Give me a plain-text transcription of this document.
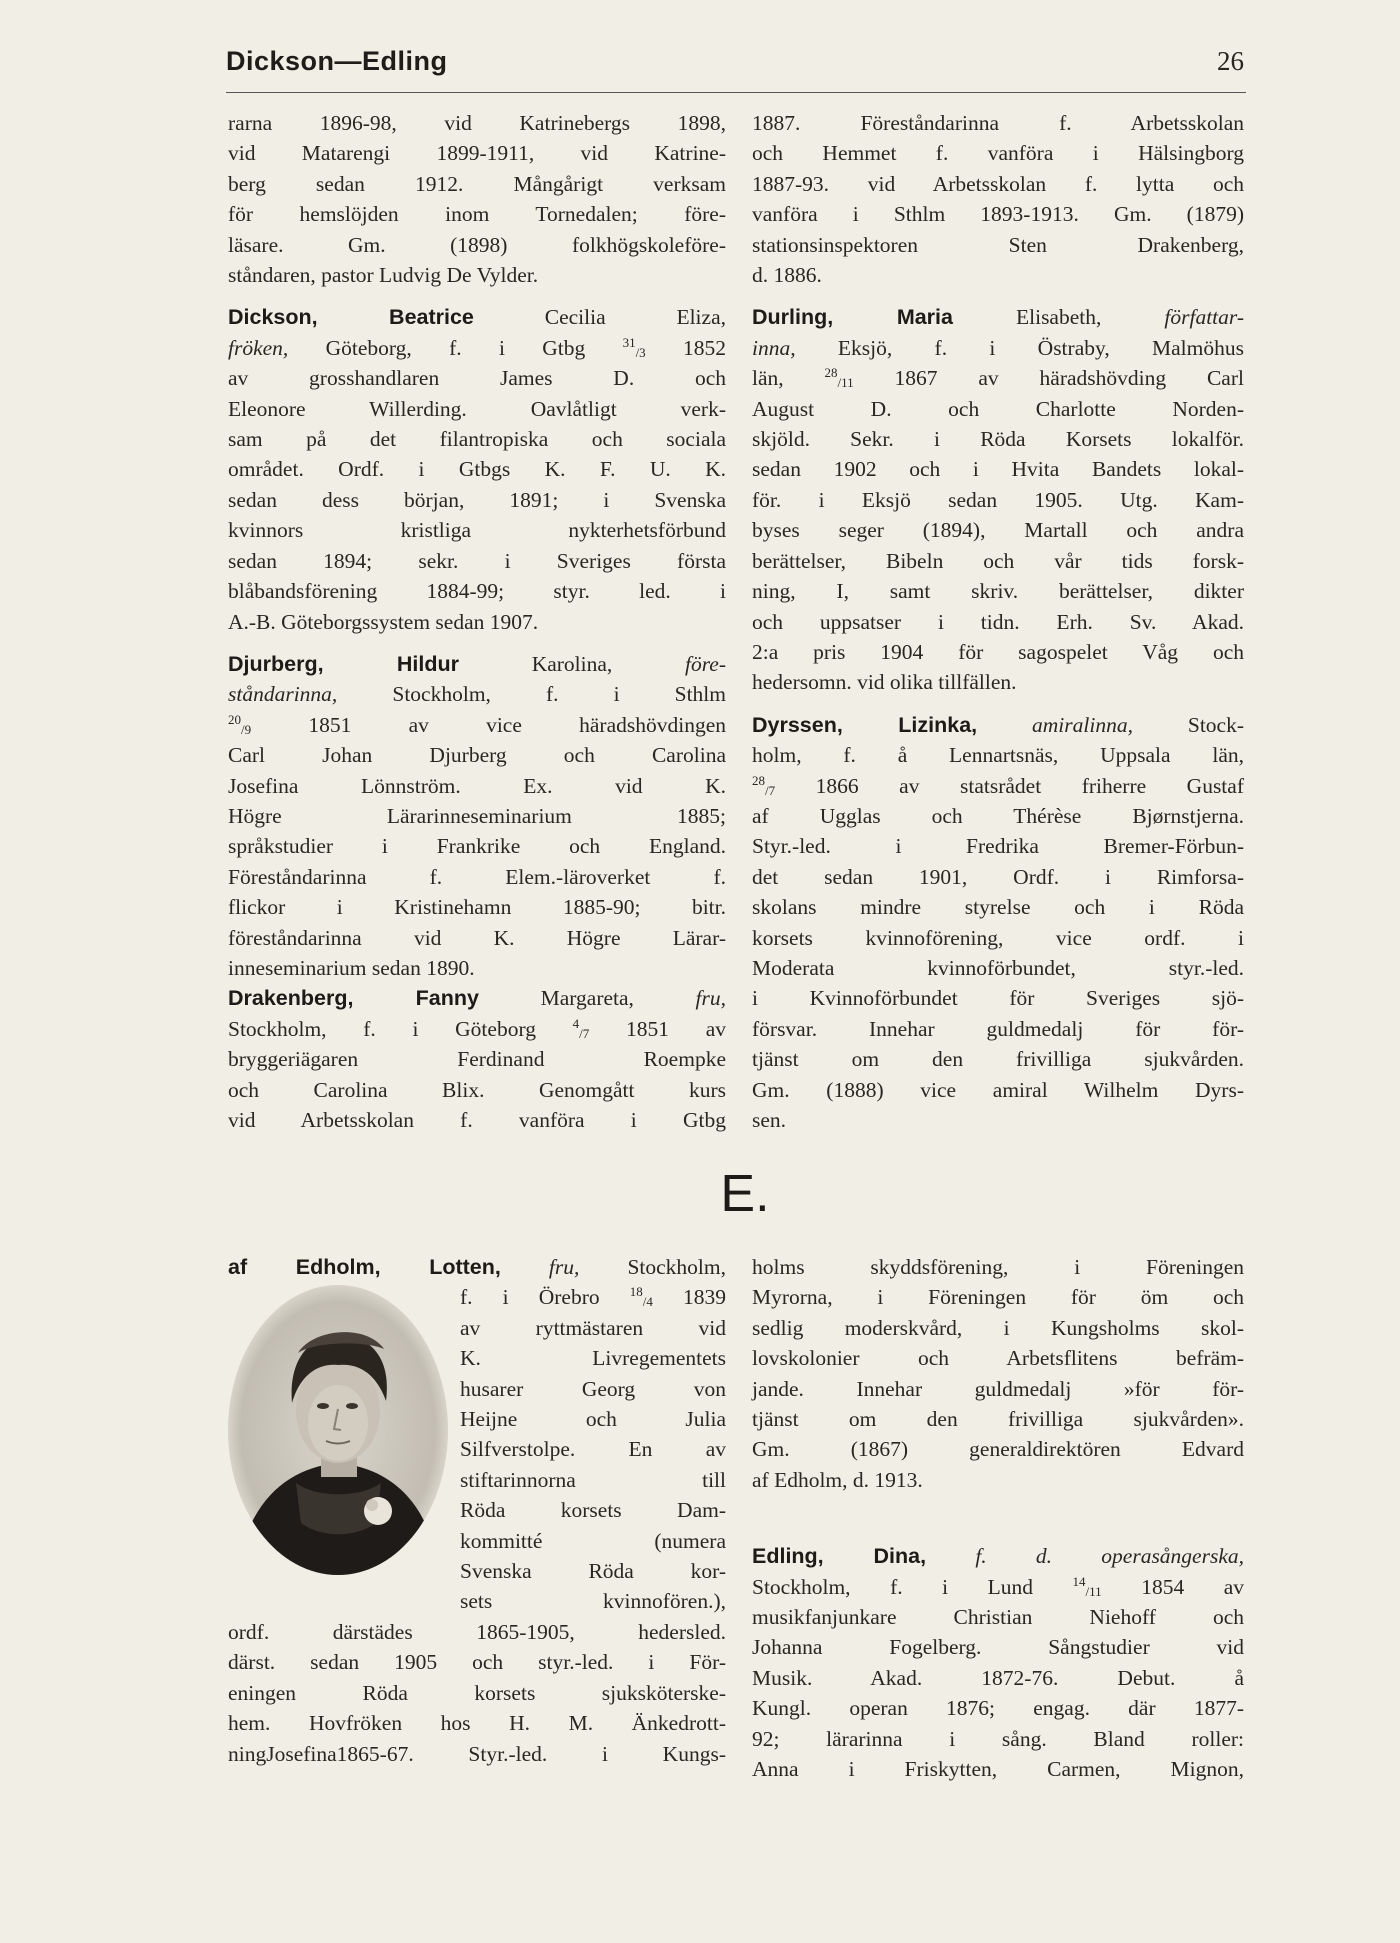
Dickson—Edling	26
rarna 1896-98, vid Katrinebergs 1898,
vid Matarengi 1899-1911, vid Katrine-
berg sedan 1912. Mångårigt verksam
för hemslöjden inom Tornedalen; före-
läsare. Gm. (1898) folkhögskoleföre-
ståndaren, pastor Ludvig De Vylder.
Dickson, Beatrice Cecilia Eliza,
fröken, Göteborg, f. i Gtbg $^{31}_{/3}$ 1852
av grosshandlaren James D. och
Eleonore Willerding. Oavlåtligt verk-
sam på det filantropiska och sociala
området. Ordf. i Gtbgs K. F. U. K.
sedan dess början, 1891; i Svenska
kvinnors kristliga nykterhetsförbund
sedan 1894; sekr. i Sveriges första
blåbandsförening 1884-99; styr. led. i
A.-B. Göteborgssystem sedan 1907.
Djurberg, Hildur Karolina, före-
ståndarinna, Stockholm, f. i Sthlm
$^{20}_{/9}$ 1851 av vice häradshövdingen
Carl Johan Djurberg och Carolina
Josefina Lönnström. Ex. vid K.
Högre Lärarinneseminarium 1885;
språkstudier i Frankrike och England.
Föreståndarinna f. Elem.-läroverket f.
flickor i Kristinehamn 1885-90; bitr.
föreståndarinna vid K. Högre Lärar-
inneseminarium sedan 1890.
Drakenberg, Fanny Margareta, fru,
Stockholm, f. i Göteborg $^4_{/7}$ 1851 av
bryggeriägaren Ferdinand Roempke
och Carolina Blix. Genomgått kurs
vid Arbetsskolan f. vanföra i Gtbg
1887. Föreståndarinna f. Arbetsskolan
och Hemmet f. vanföra i Hälsingborg
1887-93. vid Arbetsskolan f. lytta och
vanföra i Sthlm 1893-1913. Gm. (1879)
stationsinspektoren Sten Drakenberg,
d. 1886.
Durling, Maria Elisabeth, författar-
inna, Eksjö, f. i Östraby, Malmöhus
län, $^{28}_{/11}$ 1867 av häradshövding Carl
August D. och Charlotte Norden-
skjöld. Sekr. i Röda Korsets lokalför.
sedan 1902 och i Hvita Bandets lokal-
för. i Eksjö sedan 1905. Utg. Kam-
byses seger (1894), Martall och andra
berättelser, Bibeln och vår tids forsk-
ning, I, samt skriv. berättelser, dikter
och uppsatser i tidn. Erh. Sv. Akad.
2:a pris 1904 för sagospelet Våg och
hedersomn. vid olika tillfällen.
Dyrssen, Lizinka, amiralinna, Stock-
holm, f. å Lennartsnäs, Uppsala län,
$^{28}_{/7}$ 1866 av statsrådet friherre Gustaf
af Ugglas och Thérèse Bjørnstjerna.
Styr.-led. i Fredrika Bremer-Förbun-
det sedan 1901, Ordf. i Rimforsa-
skolans mindre styrelse och i Röda
korsets kvinnoförening, vice ordf. i
Moderata kvinnoförbundet, styr.-led.
i Kvinnoförbundet för Sveriges sjö-
försvar. Innehar guldmedalj för för-
tjänst om den frivilliga sjukvården.
Gm. (1888) vice amiral Wilhelm Dyrs-
sen.
E.
af Edholm, Lotten, fru, Stockholm,
f. i Örebro $^{18}_{/4}$ 1839
av ryttmästaren vid
K. Livregementets
husarer Georg von
Heijne och Julia
Silfverstolpe. En av
stiftarinnorna till
Röda korsets Dam-
kommitté (numera
Svenska Röda kor-
sets kvinnofören.),
ordf. därstädes 1865-1905, hedersled.
därst. sedan 1905 och styr.-led. i För-
eningen Röda korsets sjuksköterske-
hem. Hovfröken hos H. M. Änkedrott-
ningJosefina1865-67. Styr.-led. i Kungs-
holms skyddsförening, i Föreningen
Myrorna, i Föreningen för öm och
sedlig moderskvård, i Kungsholms skol-
lovskolonier och Arbetsflitens befräm-
jande. Innehar guldmedalj »för för-
tjänst om den frivilliga sjukvården».
Gm. (1867) generaldirektören Edvard
af Edholm, d. 1913.
Edling, Dina, f. d. operasångerska,
Stockholm, f. i Lund $^{14}_{/11}$ 1854 av
musikfanjunkare Christian Niehoff och
Johanna Fogelberg. Sångstudier vid
Musik. Akad. 1872-76. Debut. å
Kungl. operan 1876; engag. där 1877-
92; lärarinna i sång. Bland roller:
Anna i Friskytten, Carmen, Mignon,
